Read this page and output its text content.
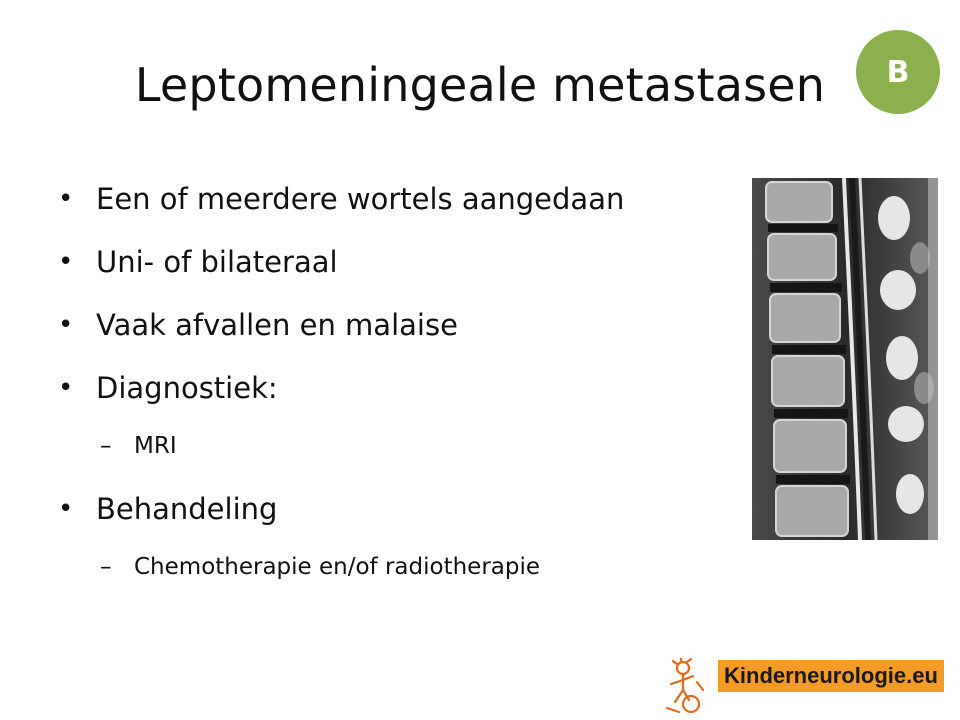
Leptomeningeale metastasen	B
• Een of meerdere wortels aangedaan
• Uni- of bilateraal
• Vaak afvallen en malaise
• Diagnostiek:
– MRI
• Behandeling
– Chemotherapie en/of radiotherapie
Kinderneurologie.eu
